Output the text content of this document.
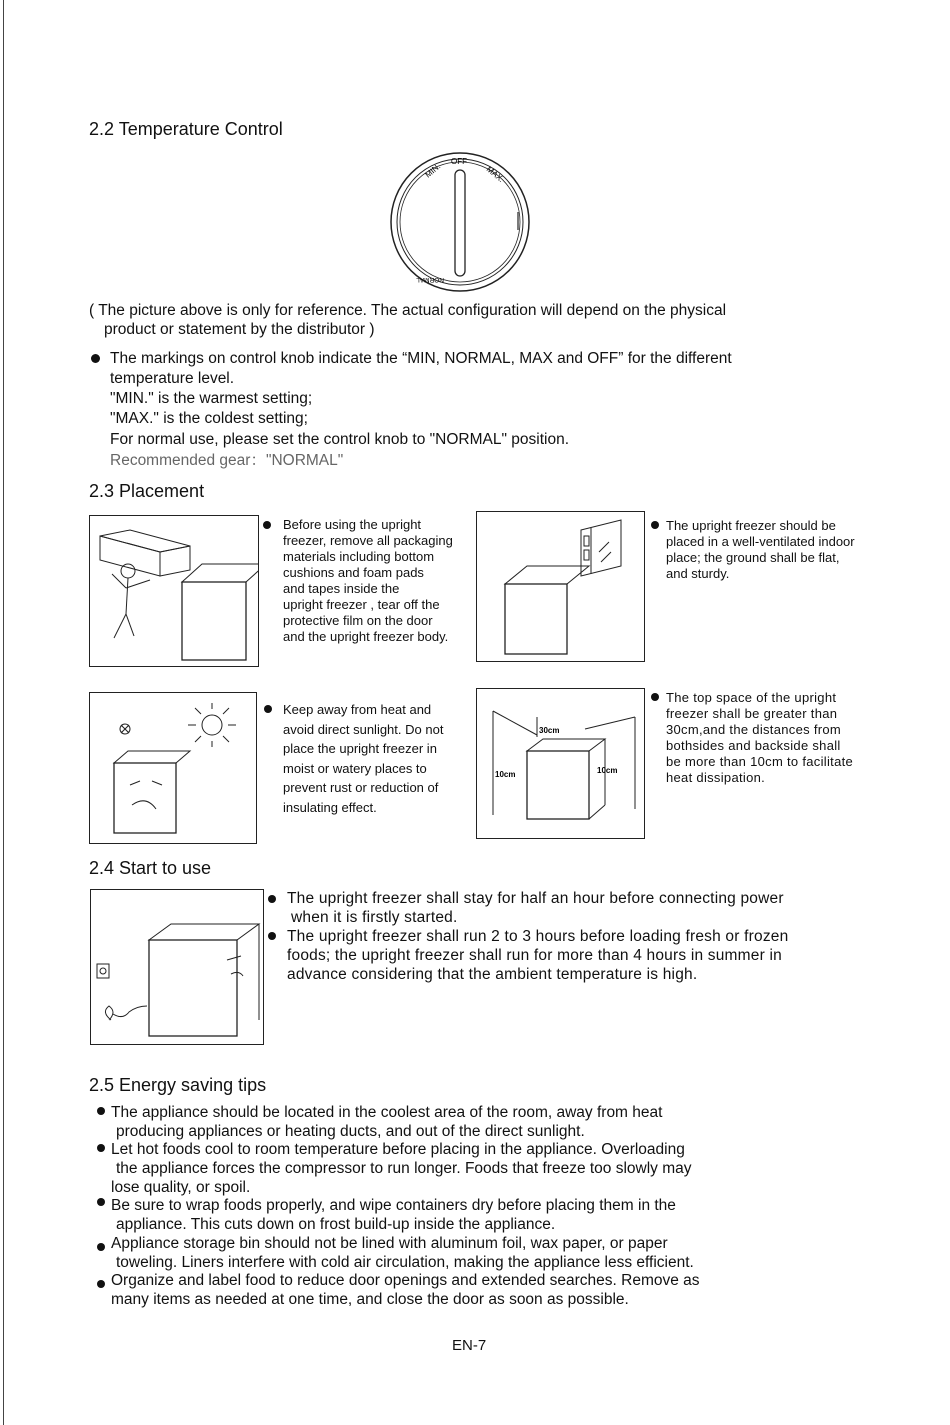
2.2 Temperature Control
MIN.
OFF
MAX.
NORMAL
( The picture above is only for reference. The actual configuration will depend on the physical
product or statement by the distributor )
The markings on control knob indicate the “MIN, NORMAL, MAX and OFF” for the different
temperature level.
"MIN." is the warmest setting;
"MAX." is the coldest setting;
For normal use, please set the control knob to "NORMAL" position.
Recommended gear："NORMAL"
2.3 Placement
Before using the upright
freezer, remove all packaging
materials including bottom
cushions and foam pads
and tapes inside the
upright freezer , tear off the
protective film on the door
and the upright freezer body.
The upright freezer should be
placed in a well-ventilated indoor
place; the ground shall be flat,
and sturdy.
Keep away from heat and
avoid direct sunlight. Do not
place the upright freezer in
moist or watery places to
prevent rust or reduction of
insulating effect.
30cm
10cm	10cm
The top space of the upright
freezer shall be greater than
30cm,and the distances from
bothsides and backside shall
be more than 10cm to facilitate
heat dissipation.
2.4 Start to use
The upright freezer shall stay for half an hour before connecting power
when it is firstly started.
The upright freezer shall run 2 to 3 hours before loading fresh or frozen
foods; the upright freezer shall run for more than 4 hours in summer in
advance considering that the ambient temperature is high.
2.5 Energy saving tips
The appliance should be located in the coolest area of the room, away from heat
producing appliances or heating ducts, and out of the direct sunlight.
Let hot foods cool to room temperature before placing in the appliance. Overloading
the appliance forces the compressor to run longer. Foods that freeze too slowly may
lose quality, or spoil.
Be sure to wrap foods properly, and wipe containers dry before placing them in the
appliance. This cuts down on frost build-up inside the appliance.
Appliance storage bin should not be lined with aluminum foil, wax paper, or paper
toweling. Liners interfere with cold air circulation, making the appliance less efficient.
Organize and label food to reduce door openings and extended searches. Remove as
many items as needed at one time, and close the door as soon as possible.
EN-7
